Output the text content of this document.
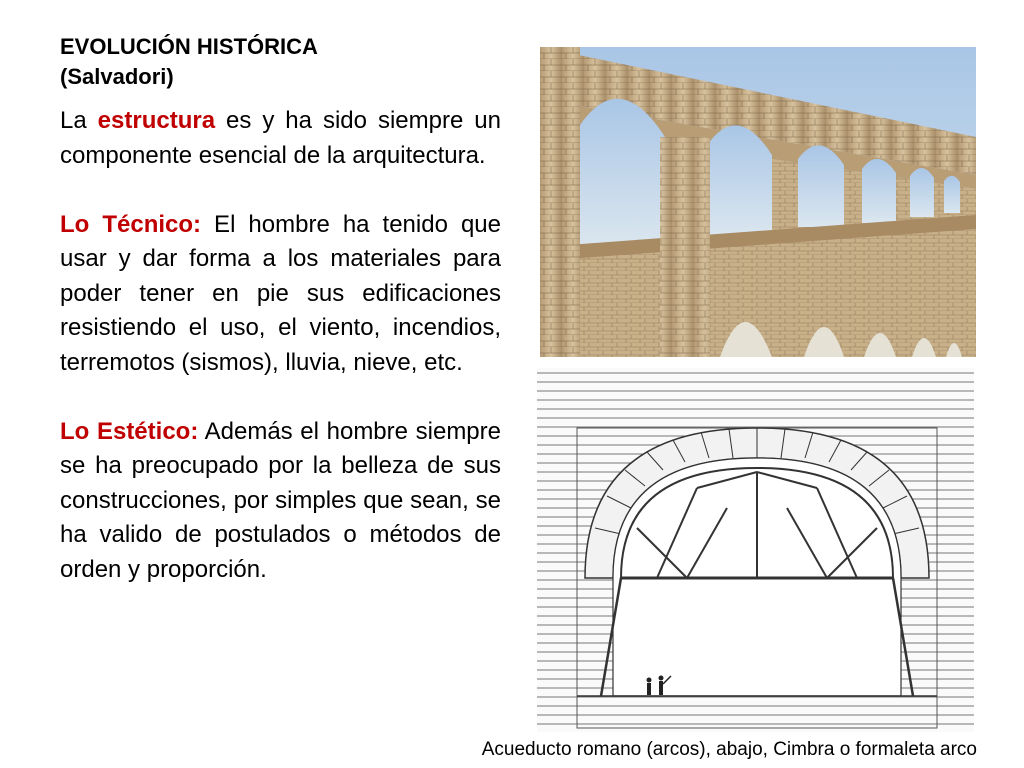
EVOLUCIÓN HISTÓRICA
(Salvadori)

La estructura es y ha sido siempre un componente esencial de la arquitectura.

Lo Técnico: El hombre ha tenido que usar y dar forma a los materiales para poder tener en pie sus edificaciones resistiendo el uso, el viento, incendios, terremotos (sismos), lluvia, nieve, etc.

Lo Estético: Además el hombre siempre se ha preocupado por la belleza de sus construcciones, por simples que sean, se ha valido de postulados o métodos de orden y proporción.

Acueducto romano (arcos), abajo, Cimbra o formaleta arco
